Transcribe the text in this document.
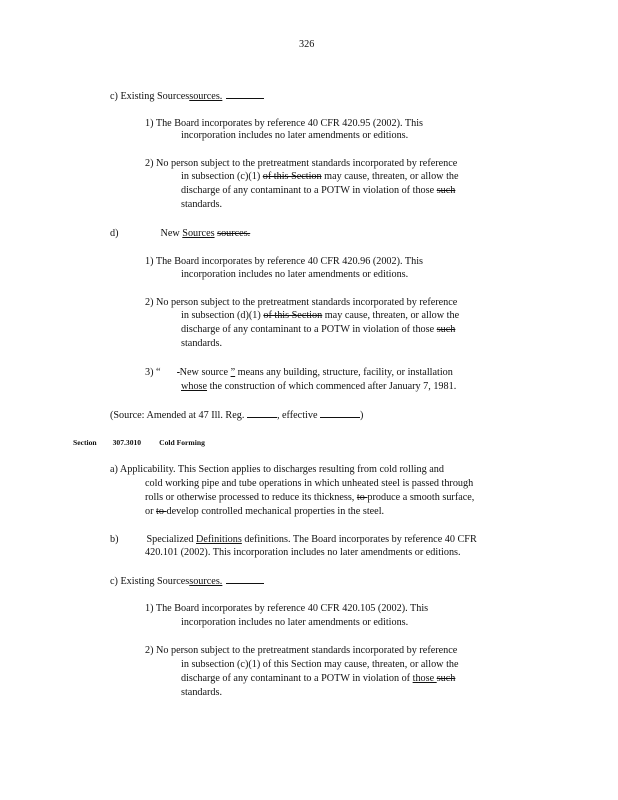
326
c) Existing Sourcessources.
1) The Board incorporates by reference 40 CFR 420.95 (2002). This
incorporation includes no later amendments or editions.
2) No person subject to the pretreatment standards incorporated by reference
in subsection (c)(1) of this Section may cause, threaten, or allow the
discharge of any contaminant to a POTW in violation of those such
standards.
d)	New Sources sources.
1) The Board incorporates by reference 40 CFR 420.96 (2002). This
incorporation includes no later amendments or editions.
2) No person subject to the pretreatment standards incorporated by reference
in subsection (d)(1) of this Section may cause, threaten, or allow the
discharge of any contaminant to a POTW in violation of those such
standards.
3) “  New source ” means any building, structure, facility, or installation
whose the construction of which commenced after January 7, 1981.
(Source: Amended at 47 Ill. Reg.	, effective	)
Section 307.3010 Cold Forming
a) Applicability. This Section applies to discharges resulting from cold rolling and
cold working pipe and tube operations in which unheated steel is passed through
rolls or otherwise processed to reduce its thickness, to produce a smooth surface,
or to develop controlled mechanical properties in the steel.
b)	Specialized Definitions definitions. The Board incorporates by reference 40 CFR
420.101 (2002). This incorporation includes no later amendments or editions.
c) Existing Sourcessources.
1) The Board incorporates by reference 40 CFR 420.105 (2002). This
incorporation includes no later amendments or editions.
2) No person subject to the pretreatment standards incorporated by reference
in subsection (c)(1) of this Section may cause, threaten, or allow the
discharge of any contaminant to a POTW in violation of those such
standards.
